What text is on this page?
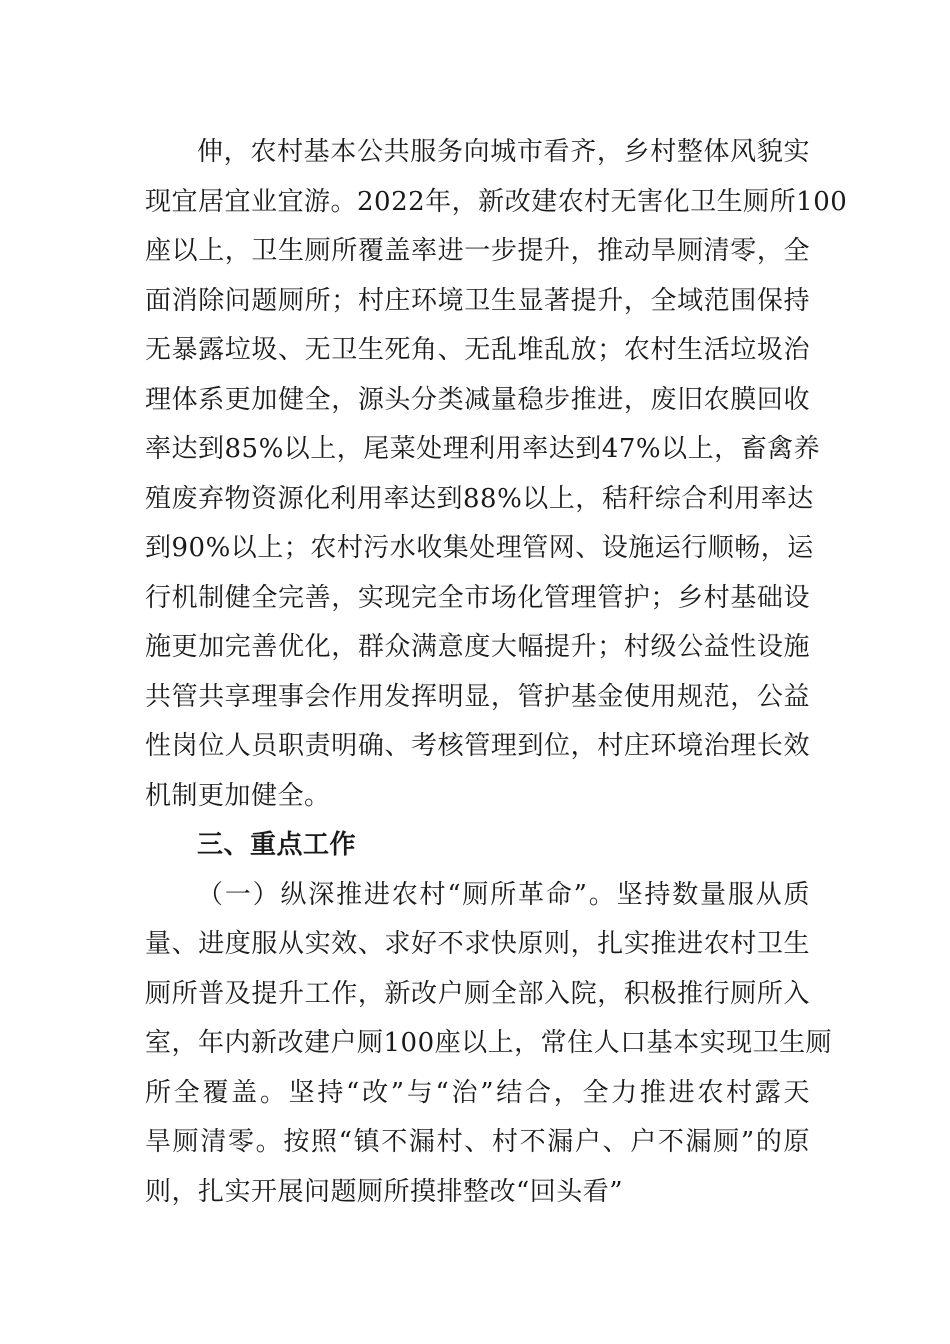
伸，农村基本公共服务向城市看齐，乡村整体风貌实
现宜居宜业宜游。2022年，新改建农村无害化卫生厕所100
座以上，卫生厕所覆盖率进一步提升，推动旱厕清零，全
面消除问题厕所；村庄环境卫生显著提升，全域范围保持
无暴露垃圾、无卫生死角、无乱堆乱放；农村生活垃圾治
理体系更加健全，源头分类减量稳步推进，废旧农膜回收
率达到85%以上，尾菜处理利用率达到47%以上，畜禽养
殖废弃物资源化利用率达到88%以上，秸秆综合利用率达
到90%以上；农村污水收集处理管网、设施运行顺畅，运
行机制健全完善，实现完全市场化管理管护；乡村基础设
施更加完善优化，群众满意度大幅提升；村级公益性设施
共管共享理事会作用发挥明显，管护基金使用规范，公益
性岗位人员职责明确、考核管理到位，村庄环境治理长效
机制更加健全。
三、重点工作
（一）纵深推进农村“厕所革命”。坚持数量服从质
量、进度服从实效、求好不求快原则，扎实推进农村卫生
厕所普及提升工作，新改户厕全部入院，积极推行厕所入
室，年内新改建户厕100座以上，常住人口基本实现卫生厕
所全覆盖。坚持“改”与“治”结合，全力推进农村露天
旱厕清零。按照“镇不漏村、村不漏户、户不漏厕”的原
则，扎实开展问题厕所摸排整改“回头看”
